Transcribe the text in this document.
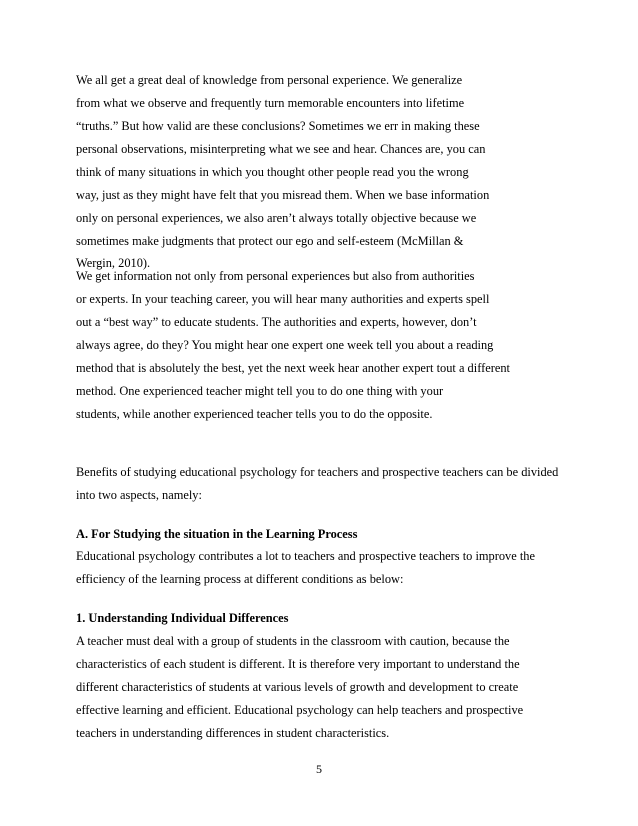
We all get a great deal of knowledge from personal experience. We generalize
from what we observe and frequently turn memorable encounters into lifetime
“truths.” But how valid are these conclusions? Sometimes we err in making these
personal observations, misinterpreting what we see and hear. Chances are, you can
think of many situations in which you thought other people read you the wrong
way, just as they might have felt that you misread them. When we base information
only on personal experiences, we also aren’t always totally objective because we
sometimes make judgments that protect our ego and self-esteem (McMillan &
Wergin, 2010).
We get information not only from personal experiences but also from authorities
or experts. In your teaching career, you will hear many authorities and experts spell
out a “best way” to educate students. The authorities and experts, however, don’t
always agree, do they? You might hear one expert one week tell you about a reading
method that is absolutely the best, yet the next week hear another expert tout a different
method. One experienced teacher might tell you to do one thing with your
students, while another experienced teacher tells you to do the opposite.
Benefits of studying educational psychology for teachers and prospective teachers can be divided
into two aspects, namely:
A. For Studying the situation in the Learning Process
Educational psychology contributes a lot to teachers and prospective teachers to improve the
efficiency of the learning process at different conditions as below:
1. Understanding Individual Differences
A teacher must deal with a group of students in the classroom with caution, because the
characteristics of each student is different. It is therefore very important to understand the
different characteristics of students at various levels of growth and development to create
effective learning and efficient. Educational psychology can help teachers and prospective
teachers in understanding differences in student characteristics.
5
